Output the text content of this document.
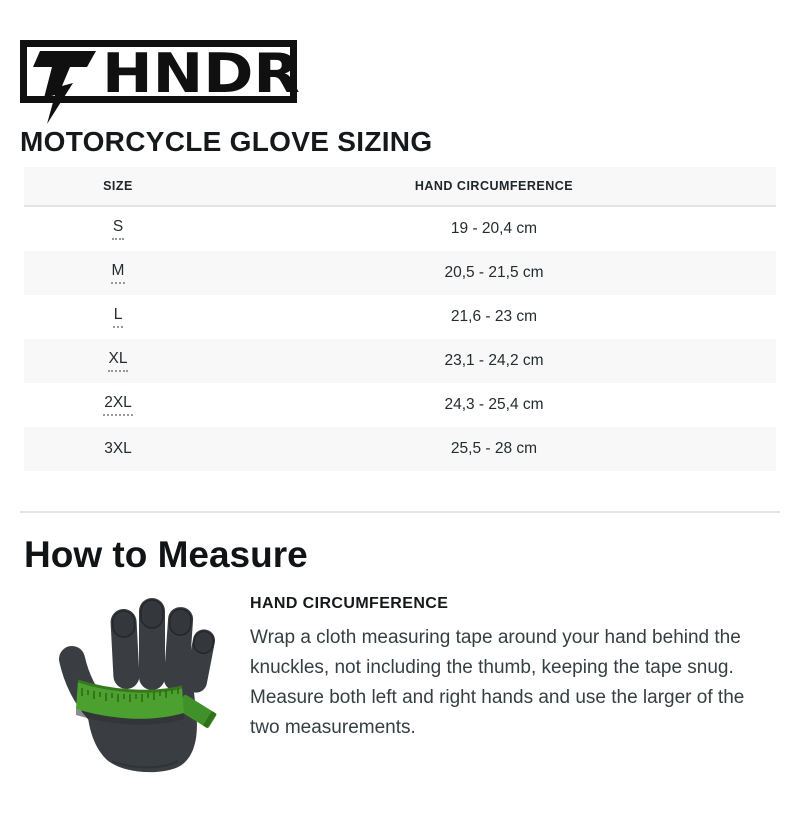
HNDR
MOTORCYCLE GLOVE SIZING
SIZE	HAND CIRCUMFERENCE
S	19 - 20,4 cm
M	20,5 - 21,5 cm
L	21,6 - 23 cm
XL	23,1 - 24,2 cm
2XL	24,3 - 25,4 cm
3XL	25,5 - 28 cm
How to Measure
HAND CIRCUMFERENCE

Wrap a cloth measuring tape around your hand behind the knuckles, not including the thumb, keeping the tape snug. Measure both left and right hands and use the larger of the two measurements.
